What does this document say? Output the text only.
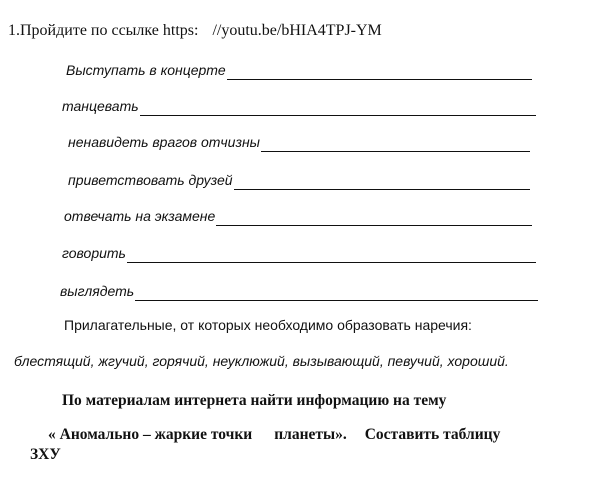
1.Пройдите по ссылке https: //youtu.be/bHIA4TPJ-YM
Выступать в концерте
танцевать
ненавидеть врагов отчизны
приветствовать друзей
отвечать на экзамене
говорить
выглядеть
Прилагательные, от которых необходимо образовать наречия:
блестящий, жгучий, горячий, неуклюжий, вызывающий, певучий, хороший.
По материалам интернета найти информацию на тему
« Аномально – жаркие точки планеты». Составить таблицу
ЗХУ
